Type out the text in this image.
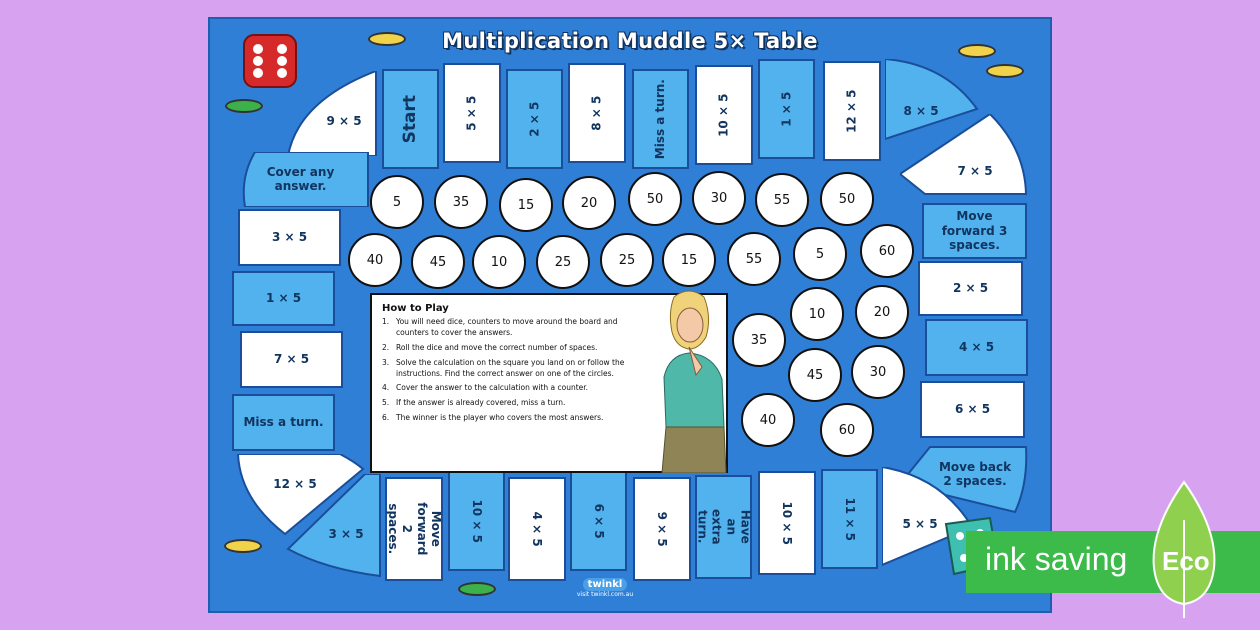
Multiplication Muddle 5× Table
9 × 5
Cover any answer.
Start	5 × 5	2 × 5	8 × 5	Miss a turn.	10 × 5	1 × 5	12 × 5	8 × 5
7 × 5
3 × 5
1 × 5
7 × 5
Miss a turn.
12 × 5
3 × 5	Move forward 2 spaces.	10 × 5	4 × 5	6 × 5	9 × 5	Have an extra turn.	10 × 5	11 × 5
Move forward 3 spaces.
2 × 5
4 × 5
6 × 5
Move back 2 spaces.
5 × 5
5	35	15	20	50	30	55	50
40	45	10	25	25	15	55	5	60
10	20
35
45	30
40
60
How to Play
1. You will need dice, counters to move around the board and counters to cover the answers.
2. Roll the dice and move the correct number of spaces.
3. Solve the calculation on the square you land on or follow the instructions. Find the correct answer on one of the circles.
4. Cover the answer to the calculation with a counter.
5. If the answer is already covered, miss a turn.
6. The winner is the player who covers the most answers.
twinkl
visit twinkl.com.au
ink saving Eco
